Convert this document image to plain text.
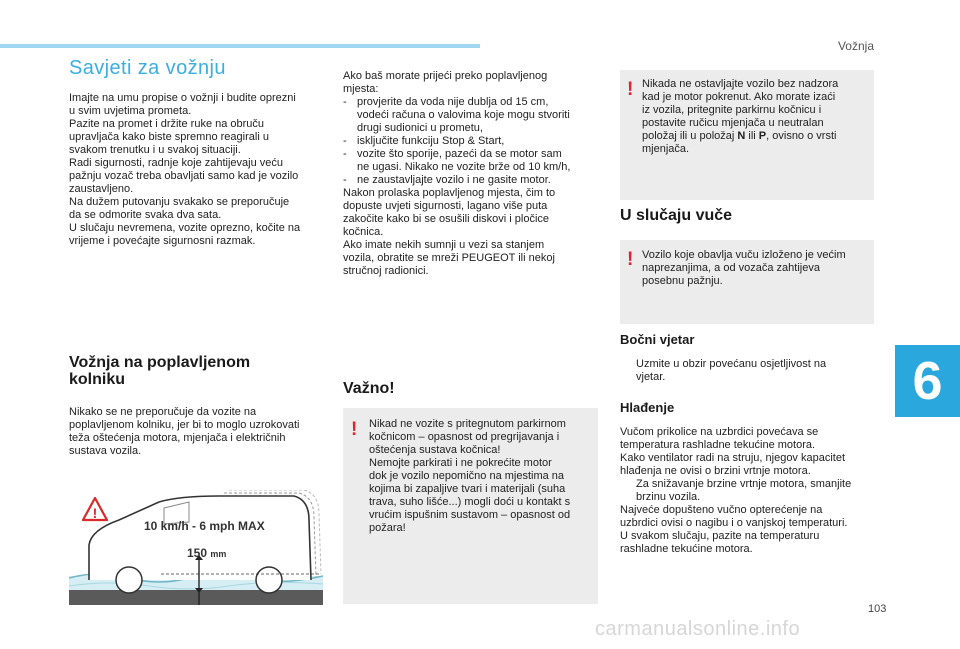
Vožnja
6
103
carmanualsonline.info
Savjeti za vožnju
Imajte na umu propise o vožnji i budite oprezni
u svim uvjetima prometa.
Pazite na promet i držite ruke na obruču
upravljača kako biste spremno reagirali u
svakom trenutku i u svakoj situaciji.
Radi sigurnosti, radnje koje zahtijevaju veću
pažnju vozač treba obavljati samo kad je vozilo
zaustavljeno.
Na dužem putovanju svakako se preporučuje
da se odmorite svaka dva sata.
U slučaju nevremena, vozite oprezno, kočite na
vrijeme i povećajte sigurnosni razmak.
Vožnja na poplavljenom
kolniku
Nikako se ne preporučuje da vozite na
poplavljenom kolniku, jer bi to moglo uzrokovati
teža oštećenja motora, mjenjača i električnih
sustava vozila.
!
10 km/h - 6 mph MAX
150 mm
Ako baš morate prijeći preko poplavljenog
mjesta:
- provjerite da voda nije dublja od 15 cm,
vodeći računa o valovima koje mogu stvoriti
drugi sudionici u prometu,
- isključite funkciju Stop & Start,
- vozite što sporije, pazeći da se motor sam
ne ugasi. Nikako ne vozite brže od 10 km/h,
- ne zaustavljajte vozilo i ne gasite motor.
Nakon prolaska poplavljenog mjesta, čim to
dopuste uvjeti sigurnosti, lagano više puta
zakočite kako bi se osušili diskovi i pločice
kočnica.
Ako imate nekih sumnji u vezi sa stanjem
vozila, obratite se mreži PEUGEOT ili nekoj
stručnoj radionici.
Važno!
! Nikad ne vozite s pritegnutom parkirnom
kočnicom – opasnost od pregrijavanja i
oštećenja sustava kočnica!
Nemojte parkirati i ne pokrećite motor
dok je vozilo nepomično na mjestima na
kojima bi zapaljive tvari i materijali (suha
trava, suho lišće...) mogli doći u kontakt s
vrućim ispušnim sustavom – opasnost od
požara!
! Nikada ne ostavljajte vozilo bez nadzora
kad je motor pokrenut. Ako morate izaći
iz vozila, pritegnite parkirnu kočnicu i
postavite ručicu mjenjača u neutralan
položaj ili u položaj N ili P, ovisno o vrsti
mjenjača.
U slučaju vuče
! Vozilo koje obavlja vuču izloženo je većim
naprezanjima, a od vozača zahtijeva
posebnu pažnju.
Bočni vjetar
Uzmite u obzir povećanu osjetljivost na
vjetar.
Hlađenje
Vučom prikolice na uzbrdici povećava se
temperatura rashladne tekućine motora.
Kako ventilator radi na struju, njegov kapacitet
hlađenja ne ovisi o brzini vrtnje motora.
Za snižavanje brzine vrtnje motora, smanjite
brzinu vozila.
Najveće dopušteno vučno opterećenje na
uzbrdici ovisi o nagibu i o vanjskoj temperaturi.
U svakom slučaju, pazite na temperaturu
rashladne tekućine motora.
